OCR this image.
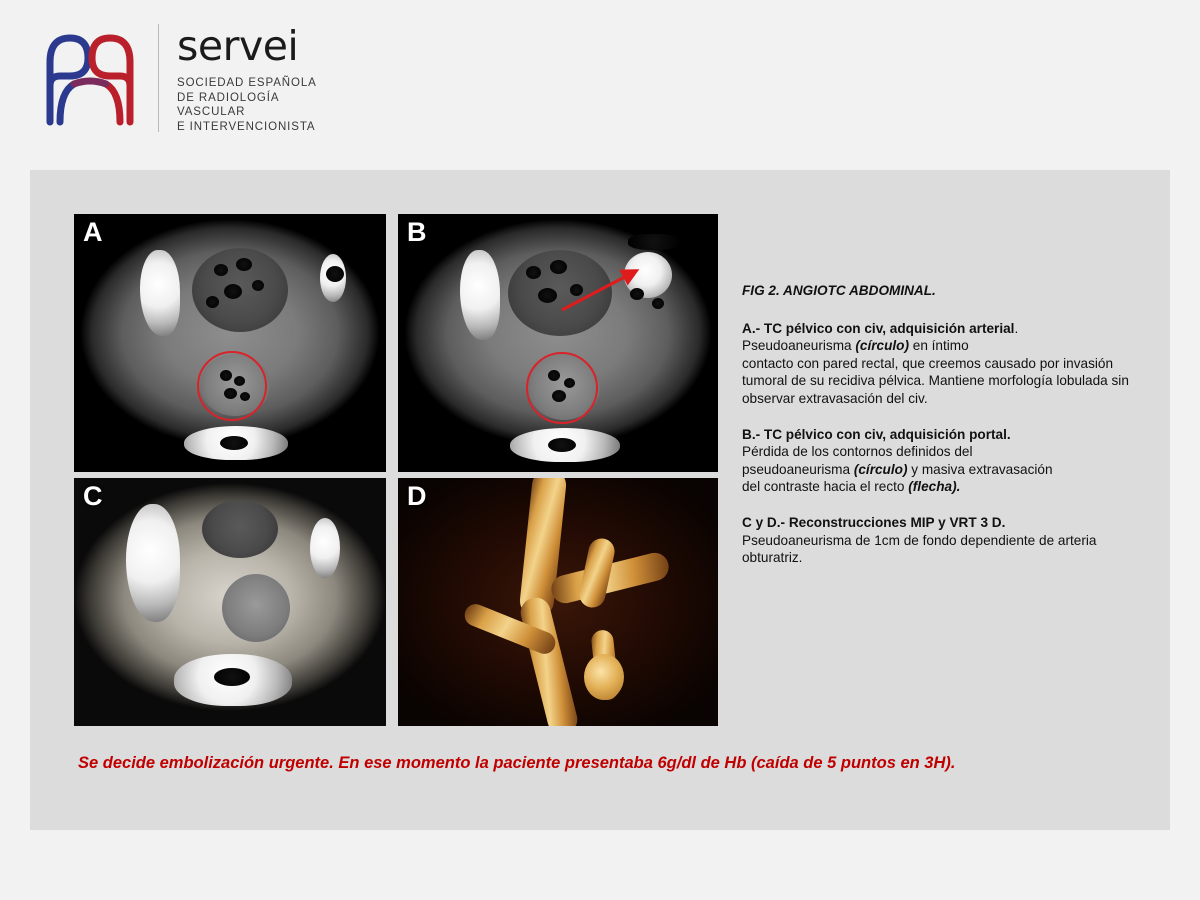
servei
SOCIEDAD ESPAÑOLA
DE RADIOLOGÍA
VASCULAR
E INTERVENCIONISTA
A	B
C	D
FIG 2. ANGIOTC ABDOMINAL.

A.- TC pélvico con civ, adquisición arterial.
Pseudoaneurisma (círculo) en íntimo
contacto con pared rectal, que creemos causado por invasión tumoral de su recidiva pélvica. Mantiene morfología lobulada sin observar extravasación del civ.

B.- TC pélvico con civ, adquisición portal.
Pérdida de los contornos definidos del
pseudoaneurisma (círculo) y masiva extravasación
del contraste hacia el recto (flecha).

C y D.- Reconstrucciones MIP y VRT 3 D.
Pseudoaneurisma de 1cm de fondo dependiente de arteria obturatriz.

Se decide embolización urgente. En ese momento la paciente presentaba 6g/dl de Hb (caída de 5 puntos en 3H).
